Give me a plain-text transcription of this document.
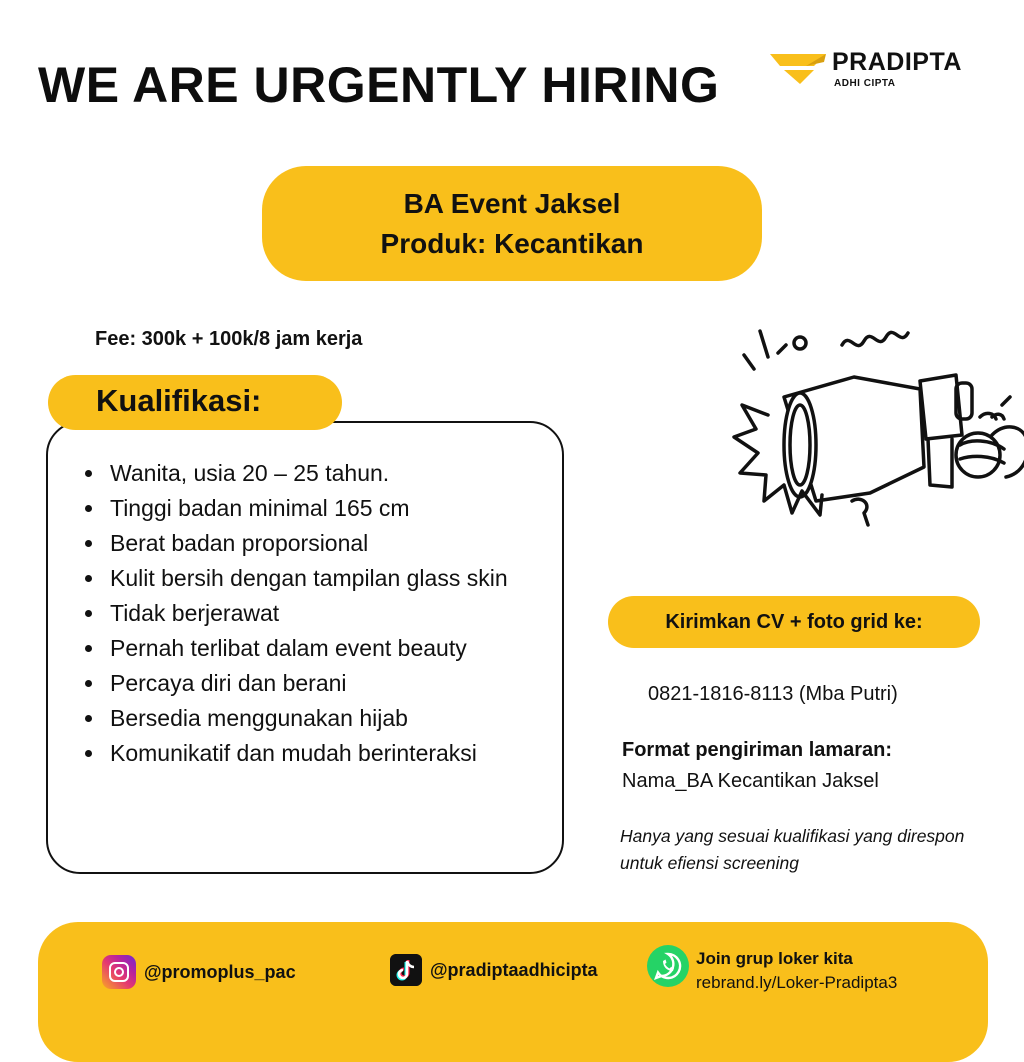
WE ARE URGENTLY HIRING	PRADIPTA
ADHI CIPTA
BA Event Jaksel
Produk: Kecantikan
Fee: 300k + 100k/8 jam kerja
Kualifikasi:
Wanita, usia 20 – 25 tahun.
Tinggi badan minimal 165 cm
Berat badan proporsional
Kulit bersih dengan tampilan glass skin
Tidak berjerawat
Pernah terlibat dalam event beauty
Percaya diri dan berani
Bersedia menggunakan hijab
Komunikatif dan mudah berinteraksi
Kirimkan CV + foto grid ke:
0821-1816-8113 (Mba Putri)
Format pengiriman lamaran:
Nama_BA Kecantikan Jaksel
Hanya yang sesuai kualifikasi yang direspon untuk efiensi screening
@promoplus_pac	@pradiptaadhicipta
Join grup loker kita
rebrand.ly/Loker-Pradipta3
